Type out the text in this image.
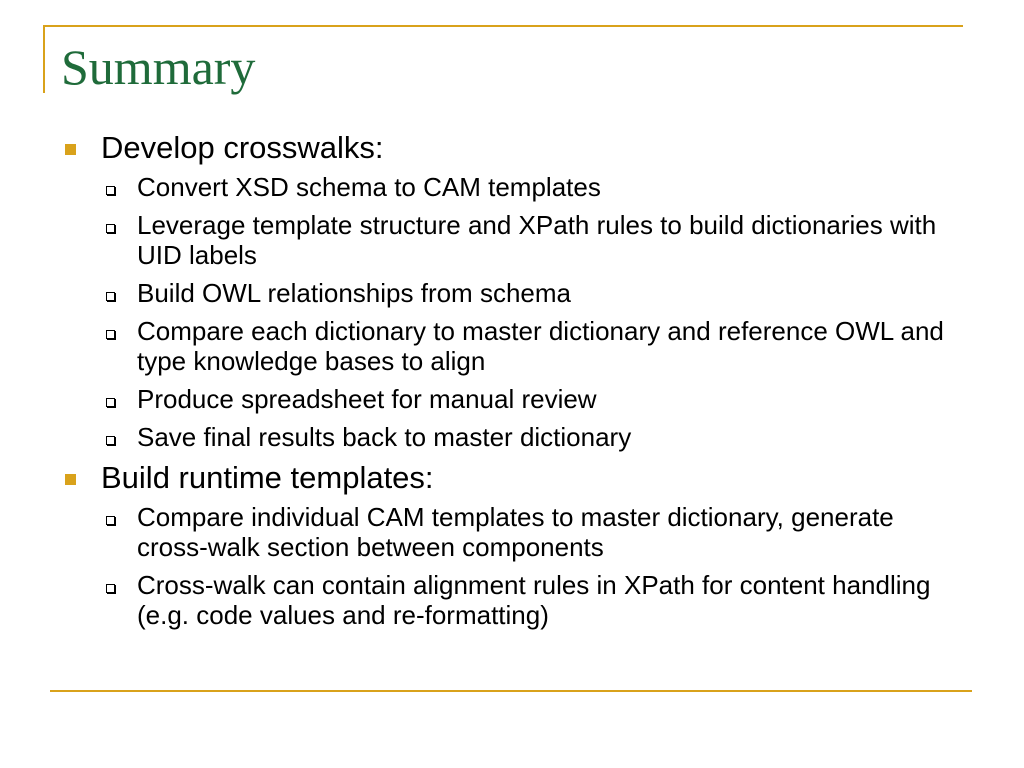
Summary
Develop crosswalks:
Convert XSD schema to CAM templates
Leverage template structure and XPath rules to build dictionaries with UID labels
Build OWL relationships from schema
Compare each dictionary to master dictionary and reference OWL and type knowledge bases to align
Produce spreadsheet for manual review
Save final results back to master dictionary
Build runtime templates:
Compare individual CAM templates to master dictionary, generate cross-walk section between components
Cross-walk can contain alignment rules in XPath for content handling (e.g. code values and re-formatting)
